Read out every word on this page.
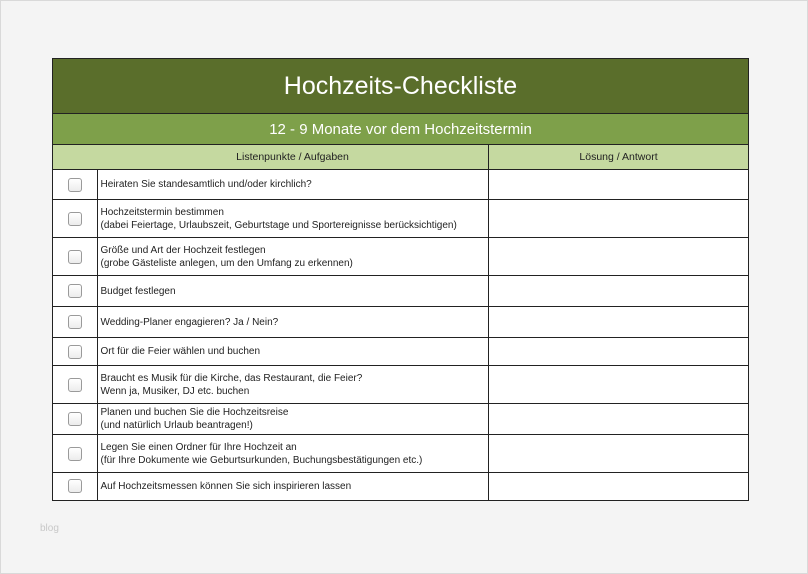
Hochzeits-Checkliste
12 - 9 Monate vor dem Hochzeitstermin
	Listenpunkte / Aufgaben	Lösung / Antwort

	Heiraten Sie standesamtlich und/oder kirchlich?	

	Hochzeitstermin bestimmen
(dabei Feiertage, Urlaubszeit, Geburtstage und Sportereignisse berücksichtigen)	

	Größe und Art der Hochzeit festlegen
(grobe Gästeliste anlegen, um den Umfang zu erkennen)	

	Budget festlegen	

	Wedding-Planer engagieren? Ja / Nein?	

	Ort für die Feier wählen und buchen	

	Braucht es Musik für die Kirche, das Restaurant, die Feier?
Wenn ja, Musiker, DJ etc. buchen	

	Planen und buchen Sie die Hochzeitsreise
(und natürlich Urlaub beantragen!)	

	Legen Sie einen Ordner für Ihre Hochzeit an
(für Ihre Dokumente wie Geburtsurkunden, Buchungsbestätigungen etc.)	

	Auf Hochzeitsmessen können Sie sich inspirieren lassen	

blog
